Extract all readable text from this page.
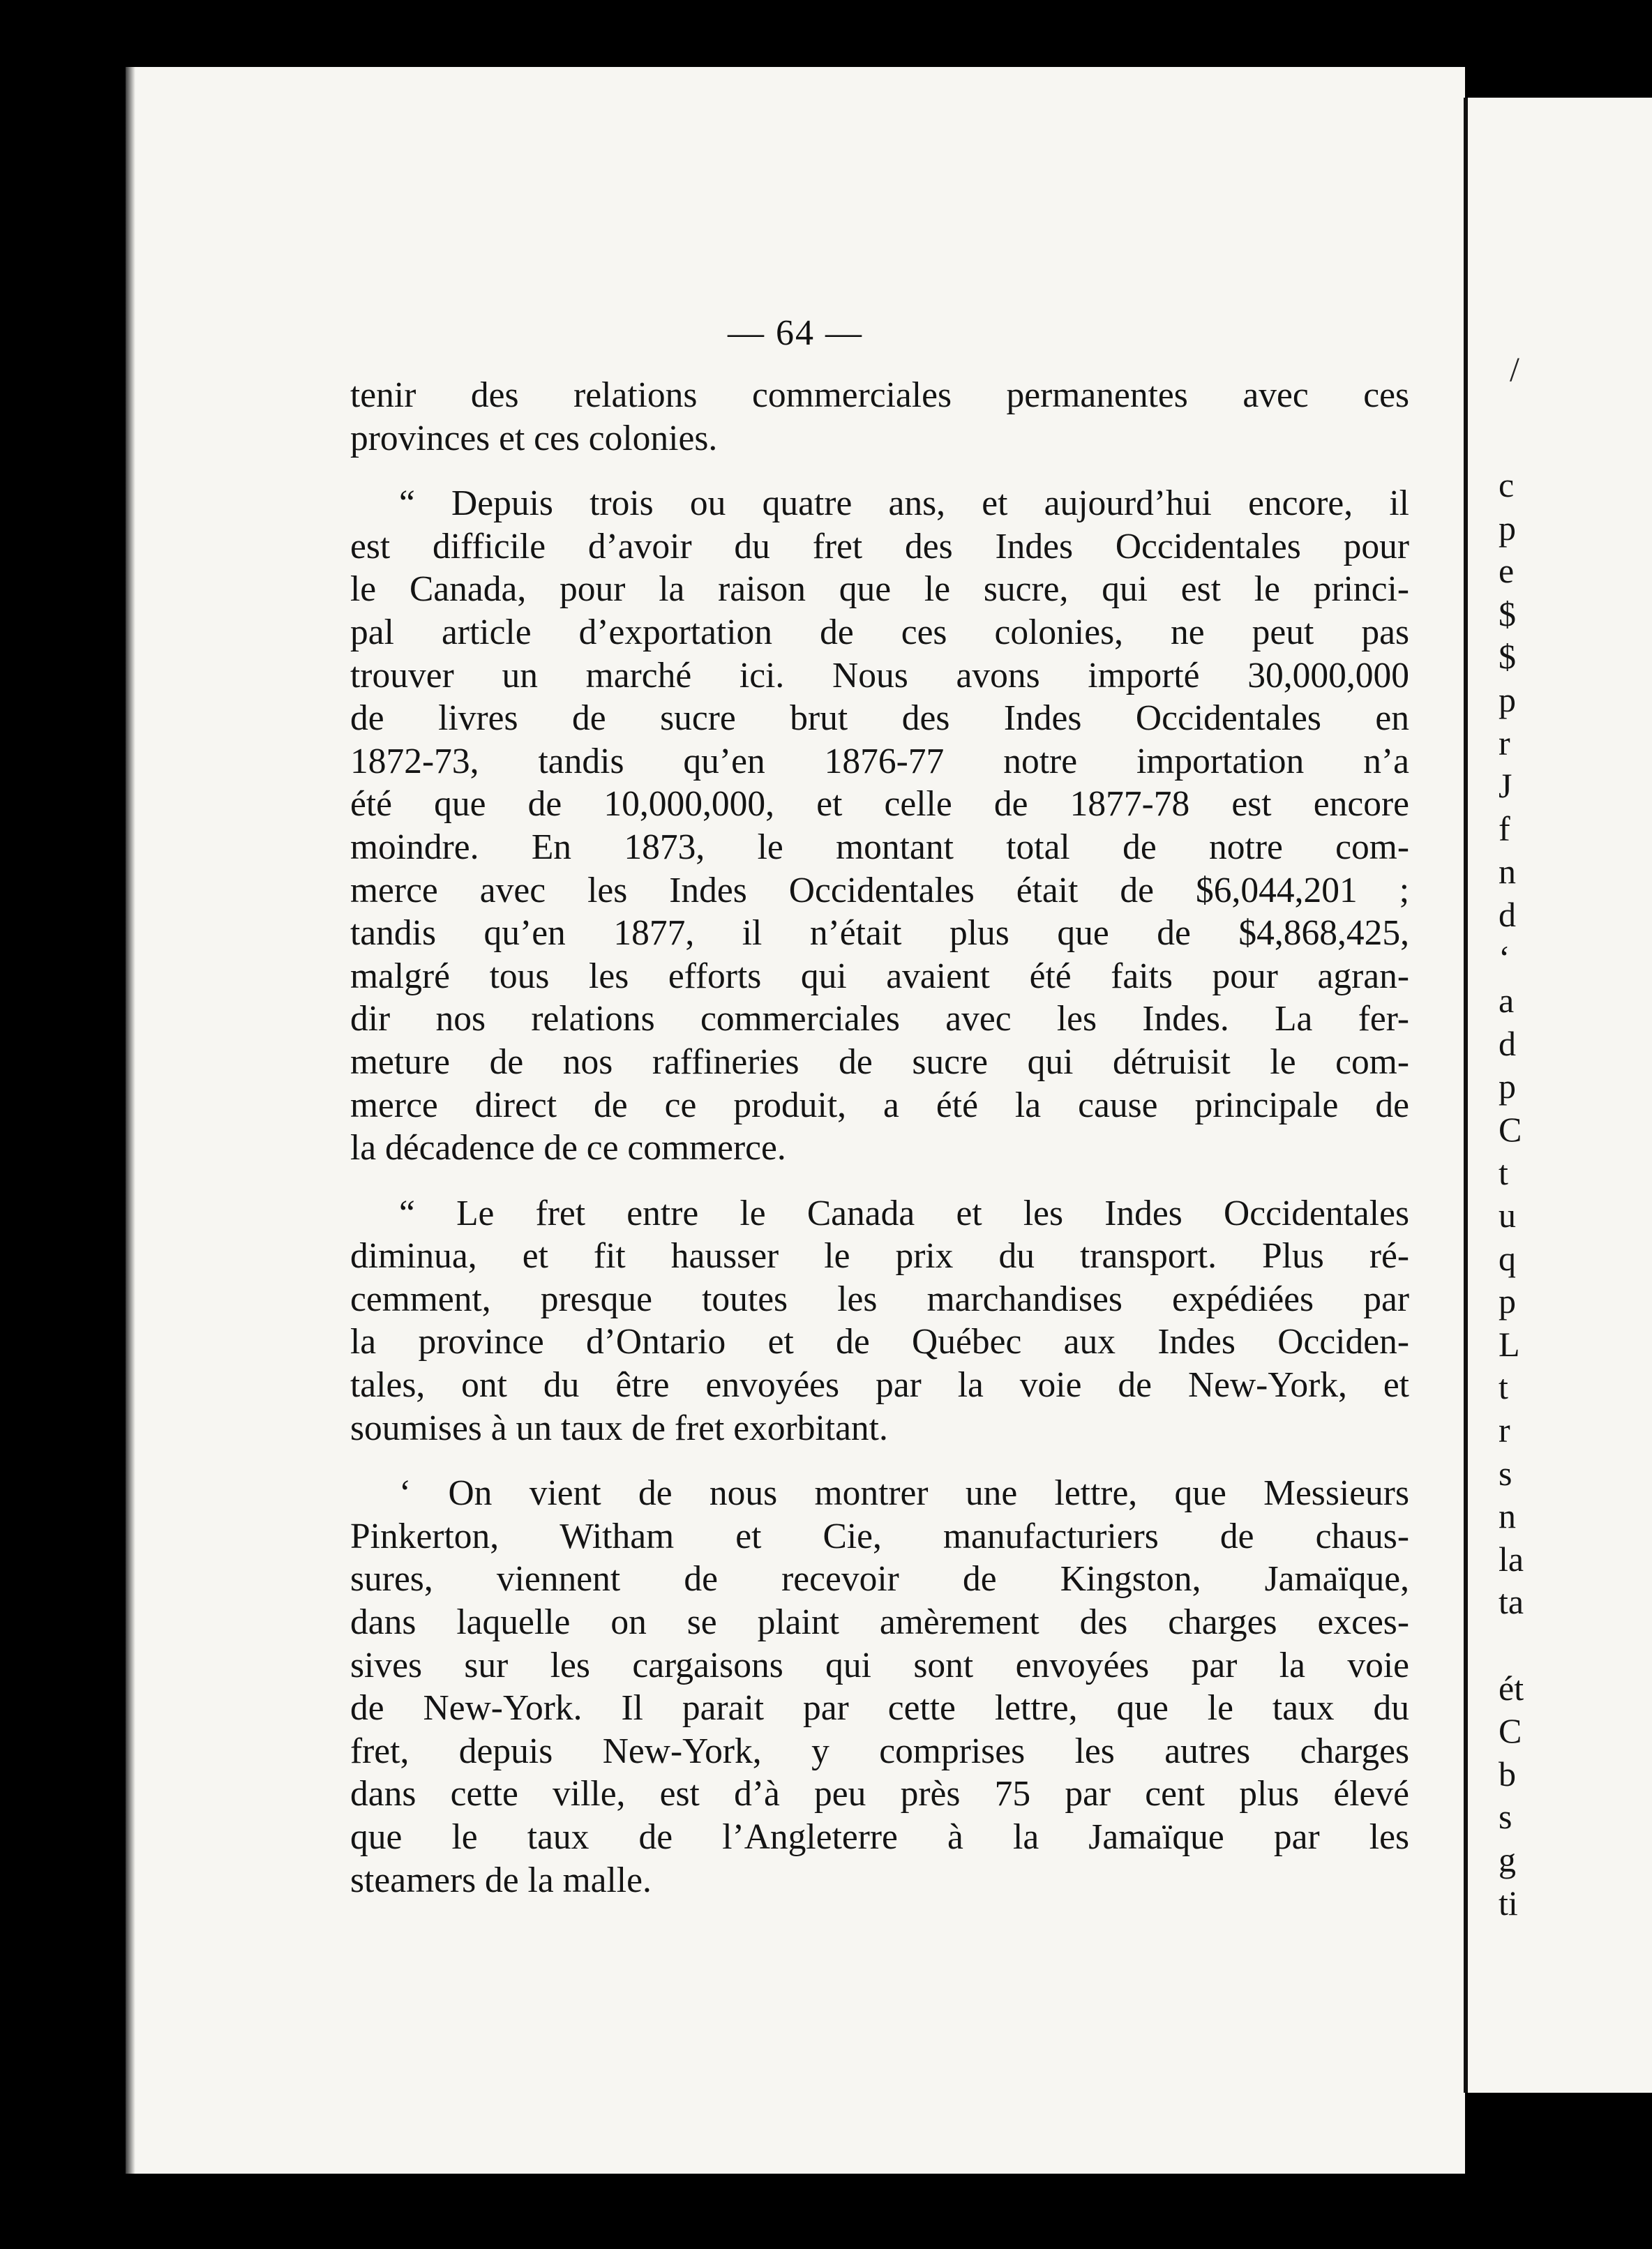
— 64 —
tenir des relations commerciales permanentes avec ces
provinces et ces colonies.
“ Depuis trois ou quatre ans, et aujourd’hui encore, il
est difficile d’avoir du fret des Indes Occidentales pour
le Canada, pour la raison que le sucre, qui est le princi-
pal article d’exportation de ces colonies, ne peut pas
trouver un marché ici. Nous avons importé 30,000,000
de livres de sucre brut des Indes Occidentales en
1872-73, tandis qu’en 1876-77 notre importation n’a
été que de 10,000,000, et celle de 1877-78 est encore
moindre. En 1873, le montant total de notre com-
merce avec les Indes Occidentales était de $6,044,201 ;
tandis qu’en 1877, il n’était plus que de $4,868,425,
malgré tous les efforts qui avaient été faits pour agran-
dir nos relations commerciales avec les Indes. La fer-
meture de nos raffineries de sucre qui détruisit le com-
merce direct de ce produit, a été la cause principale de
la décadence de ce commerce.
“ Le fret entre le Canada et les Indes Occidentales
diminua, et fit hausser le prix du transport. Plus ré-
cemment, presque toutes les marchandises expédiées par
la province d’Ontario et de Québec aux Indes Occiden-
tales, ont du être envoyées par la voie de New-York, et
soumises à un taux de fret exorbitant.
‘ On vient de nous montrer une lettre, que Messieurs
Pinkerton, Witham et Cie, manufacturiers de chaus-
sures, viennent de recevoir de Kingston, Jamaïque,
dans laquelle on se plaint amèrement des charges exces-
sives sur les cargaisons qui sont envoyées par la voie
de New-York. Il parait par cette lettre, que le taux du
fret, depuis New-York, y comprises les autres charges
dans cette ville, est d’à peu près 75 par cent plus élevé
que le taux de l’Angleterre à la Jamaïque par les
steamers de la malle.
/
c
p
e
$
$
p
r
J
f
n
d
‘
a
d
p
C
t
u
q
p
L
t
r
s
n
la
ta
ét
C
b
s
g
ti
